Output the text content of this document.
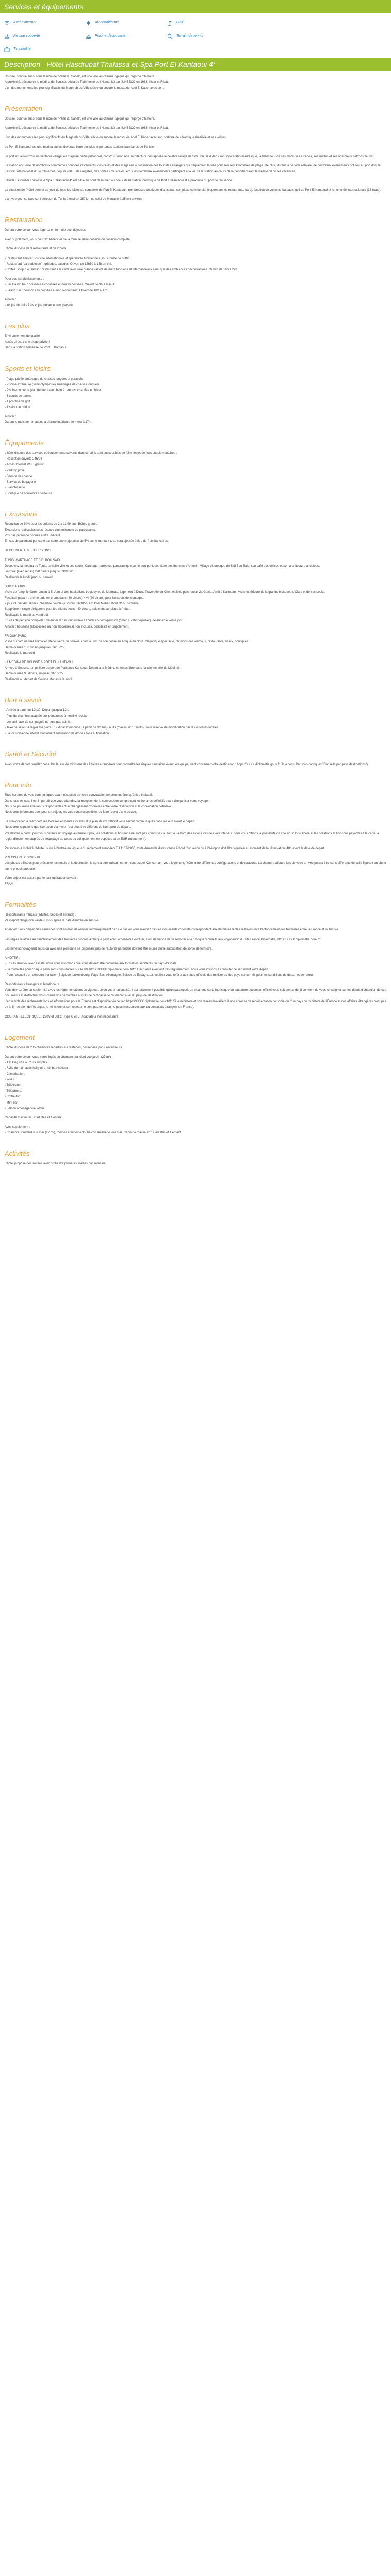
Services et équipements
Accès internet	Air conditionné	Golf
Piscine couverte	Piscine découverte	Terrain de tennis
Tv satellite
Description - Hôtel Hasdrubal Thalassa et Spa Port El Kantaoui 4*

Sousse, connue aussi sous le nom de "Perle du Sahel", est une ville au charme typique qui regorge d'histoire.
A proximité, découvrez la médina de Sousse, déclarée Patrimoine de l'Humanité par l'UNESCO en 1988, Kisar et Ribat.
L'un des monuments les plus significatifs du Maghreb du VIIIe siècle ou encore la mosquée Abel El Kader avec son...

Présentation

Sousse, connue aussi sous le nom de "Perle du Sahel", est une ville au charme typique qui regorge d'histoire.

A proximité, découvrez la médina de Sousse, déclarée Patrimoine de l'Humanité par l'UNESCO en 1988, Kisar et Ribat.

L'un des monuments les plus significatifs du Maghreb du VIIIe siècle ou encore la mosquée Abel El Kader avec son portique de céramique émaillée et ses voûtes.

Le Port El Kantaoui est une marina qui est devenue l'une des plus importantes stations balnéaires de Tunisie.

Le port est aujourd'hui un véritable village, en majeure partie piétonnier, construit selon une architecture qui rappelle le célèbre village de Sidi Bou Saïd dans son style arabo-mauresque, la blancheur de ses murs, ses arcades, ses ruelles et ses nombreux balcons fleuris.

La station accueille de nombreux commerces dont des restaurants, des cafés et des magasins à destination des touristes étrangers qui fréquentent la ville pour ses sept kilomètres de plage. De plus, durant la période estivale, de nombreux évènements ont lieu au port dont le Festival International d'Eté d'Internet (depuis 2003), des régates, des soirées musicales, etc. Ces nombreux évènements participent à la vie de la station au cours de la période durant le week-end ou les vacances.

L'Hôtel Hasdrubal Thalassa & Spa El Kantaoui 4* est situé en bord de la mer, au coeur de la station touristique de Port El Kantaoui et à proximité du port de plaisance.

La situation de l'hôtel permet de jouir de tous les loisirs du complexe de Port El Kantaoui : nombreuses boutiques d'artisanat, complexe commercial (supermarché, restaurants, bars), location de voitures, bateaux, golf de Port El Kantaoui et renommée internationale (36 trous).

L'arrivée peut se faire sur l'aéroport de Tunis à environ 150 km ou celui de Monastir à 25 km environ.

Restauration

Durant votre séjour, vous logerez en formule petit déjeuner.

Avec supplément, vous pourrez bénéficier de la formule demi-pension ou pension complète.

L'hôtel dispose de 3 restaurants et de 2 bars :

- Restaurant Amilcar : cuisine internationale et spécialités tunisiennes, sous forme de buffet.
- Restaurant "La barbecue" : grillades, salades. Ouvert de 12h30 à 15h en été.
- Coffee Shop "Le Barca" : restaurant à la carte avec une grande variété de mets tunisiens et internationaux ainsi que des ambiances décontractées. Ouvert de 19h à 22h.

Pour vos rafraîchissements :
- Bar Hasdrubal : boissons alcoolisées et non alcoolisées. Ouvert de 9h à minuit.
- Beach Bar : boissons alcoolisées et non alcoolisées. Ouvert de 10h à 17h.

A noter :
- les jus de fruits frais et jus d'orange sont payants.

Les plus

Environnement de qualité
Accès direct à une plage privée !
Dans la station balnéaire de Port El Kantaoui

Sports et loisirs

- Plage privée aménagée de chaises longues et parasols.
- Piscine extérieure (semi-olympique) aménagée de chaises longues.
- Piscine couverte (eau de mer) avec bain à remous, chauffée en hiver.
- 3 courts de tennis.
- 1 practice de golf.
- 1 salon de bridge.

A noter :
Durant le mois de ramadan, la piscine intérieure fermera à 17h.

Équipements

L'hôtel dispose des services et équipements suivants dont certains sont susceptibles de faire l'objet de frais supplémentaires :
- Réception ouverte 24h/24
- Accès Internet Wi-Fi gratuit
- Parking privé
- Service de change
- Service de bagagerie
- Blanchisserie
- Boutique de souvenirs / coiffeuse

Excursions

Réduction de 30% pour les enfants de 2 à 11,99 ans. Bébés gratuit.
Excursions réalisables sous réserve d'un minimum de participants.
Prix par personne donnés à titre indicatif.
En cas de paiement par carte bancaire une majoration de 5% sur le montant total sera ajoutée à titre de frais bancaires.

DECOUVERTE & ESCURSIONS

TUNIS, CARTHAGE ET SIDI BOU SAID
Découvrez la médina de Tunis, la vieille ville et ses souks. Carthage : arrêt vue panoramique sur le port punique, visite des thermes d'Antonin. Village pittoresque de Sidi Bou Saïd, son café des délices et son architecture andalouse.
Journée (avec repas) 270 dinars jusqu'au 31/10/25.
Réalisable le lundi, jeudi ou samedi.

SUD 2 JOURS
Visite de l'amphithéâtre romain à El Jem et des habitations troglodytes de Matmata, logement à Douz. Traversée du Chott el Jerid puis retour via Gafsa. Arrêt à Kairouan : visite extérieure de la grande mosquée d'Okba et de ses souks.
Facultatif payant : promenade en dromadaire (40 dinars), 4x4 (80 dinars) pour les souts de montagne.
2 jours/1 nuit 490 dinars (chambre double) jusqu'au 31/10/25 à l'Hôtel Mehari Douz 3* ou similaire.
Supplément single obligatoire pour les clients seuls : 40 dinars, paiement sur place à l'hôtel.
Réalisable le mardi ou vendredi.
En cas de pension complète : déjeuner le 1er jour, nuitée à l'hôtel en demi-pension (dîner + Petit-déjeuner), déjeuner le 2ème jour.
A noter : boissons (alcoolisées ou non alcoolisées) non incluses, possibilité en supplément.

FRIGUIA PARC
Visite du parc naturel animalier. Découverte du nouveau parc à 5km de son genre en Afrique du Nord. Magnifique spectacle, réunions des animaux, restaurants, snack, boutiques...
Demi-journée 130 dinars jusqu'au 31/10/25.
Réalisable le mercredi.

LA MEDINA DE SOUSSE & PORT EL KANTAOUI
Arrivée à Sousse, temps libre au port de Plaisance Kantaoui. Départ à la Médina et temps libre dans l'ancienne ville (la Médina).
Demi-journée 95 dinars, jusqu'au 31/10/25.
Réalisable au départ de Sousse Monastir le lundi.

Bon à savoir

- Arrivée à partir de 12h30. Départ jusqu'à 12h.
- Plus de chambre adaptée aux personnes à mobilité réduite.
- Les animaux de compagnie ne sont pas admis.
- Taxe de séjour à régler sur place : 12 dinars/personne (à partir de 12 ans)/ nuits (maximum 10 nuits), sous réserve de modification par les autorités locales.
- La loi tunisienne interdit strictement l'utilisation de drones sans autorisation.

Santé et Sécurité

Avant votre départ, veuillez consulter le site du ministère des Affaires étrangères pour connaître les risques sanitaires éventuels qui peuvent concerner votre destination : https://XXXX.diplomatie.gouv.fr (ils à consulter sous-rubriques "Conseils par pays destinations")

Pour info

Tous horaires de vols communiqués avant réception de votre convocation ne peuvent être qu'à titre indicatif.
Dans tous les cas, il est impératif que vous attendiez la réception de la convocation comprenant les horaires définitifs avant d'organiser votre voyage.
Nous ne pourrons être tenus responsables d'un changement d'horaires entre votre réservation et la convocation définitive.
Nous vous informons que, pour un séjour, les vols sont susceptibles de faire l'objet d'une escale.

La convocation à l'aéroport, les horaires en heures locales et le plan de vol définitif vous seront communiqués dans les 48h avant le départ.
Nous vous signalons que l'aéroport d'arrivée n'est peut être différent de l'aéroport de départ.
Prestations à bord : pour vous garantir un voyage au meilleur prix, les collations et boissons ne sont pas comprises au tarif ou à bord des avions lors des vols intérieur. nous vous offrons la possibilité de choisir un loisir libéré et les collations et boissons payantes à la carte, à régler directement auprès de l'équipage au cours du vol (paiement en espèces et en EUR uniquement).

Personnes à mobilité réduite : suite à l'entrée en vigueur du règlement européen EU 1107/2006, toute demande d'assistance à bord d'un avion ou à l'aéroport doit être signalée au moment de la réservation, 48h avant la date de départ.

PRÉCISION DESCRIPTIF
Les photos utilisées pour présenter les hôtels et la destination le sont à titre indicatif et non-contractuel. Concernant votre logement, l'hôtel offre différentes configurations et décorations. La chambre allouée lors de votre arrivée pourra être sans différente de celle figurant en photo sur le produit proposé.

Votre séjour est assuré par le tour-opérateur suivant :
FRAM

Formalités

Ressortissants français (adultes, bébés et enfants) :
Passeport obligatoire valide 6 mois après la date d'entrée en Tunisie.

Attention : les compagnies aériennes sont en droit de refuser l'embarquement dans le cas où vous n'auriez pas les documents d'identité correspondant aux dernières règles relatives ou à l'enfoncement des frontières entre la France et la Tunisie.

Les règles relatives au franchissement des frontières propres à chaque pays étant amenées à évoluer, il est demandé de se reporter à la rubrique "conseils aux voyageurs" du site France Diplomatie, https://XXXX.diplomatie.gouv.fr/.

Les mineurs voyageant seuls ou avec une personne ne disposant pas de l'autorité parentale doivent être munis d'une autorisation de sortie de territoire.

A NOTER :
- En cas d'un vol avec escale, nous vous informons que vous devrez être conforme aux formalités sanitaires du pays d'escale.
- La modalités pour chaque pays sont consultables sur le site https://XXXX.diplomatie.gouv.fr/fr/. L'actualité évoluant très régulièrement, nous vous invitons à consulter ce lien avant votre départ.
- Pour l'accueil d'un aéroport frontalier (Belgique, Luxembourg, Pays-Bas, Allemagne, Suisse ou Espagne...), veuillez vous référer aux sites officiels des ministères des pays concernés pour les conditions de départ et de retour.

Ressortissants étrangers et binationaux :
Vous devrez être en conformité avec les réglementations en vigueur, selon votre nationalité. Il est totalement possible qu'un passeport, un visa, une carte touristique ou tout autre document officiel vous soit demandé. Il convient de vous renseigner sur les délais d'obtention de ces documents et d'effectuer vous-même vos démarches auprès de l'ambassade ou du consulat du pays de destination.
L'ensemble des règlementations et informations pour la France est disponible via ce lien https://XXXX.diplomatie.gouv.fr/fr. Si le ministère et son réseau travaillent à une adresse de représentation de sortie ou d'un pays du ministère de l'Europe et des affaires étrangères n'est pas de la fin de bien de l'étranger, le ministère et son réseau ne sont pas tenus sur le pays (ressources aux du consulats étrangers en France).

COURANT ÉLECTRIQUE : 220V et 50Hz. Type C et E. Adaptateur non nécessaire.

Logement

L'hôtel dispose de 235 chambres réparties sur 3 étages, desservies par 2 ascenseurs.

Durant votre séjour, vous serez logés en chambre standard vue jardin (27 m²) :
- 1 lit king size ou 2 lits simples.
- Salle de bain avec baignoire, sèche-cheveux.
- Climatisation.
- Wi-Fi.
- Télévision.
- Téléphone.
- Coffre-fort.
- Mini bar.
- Balcon aménagé vue jardin.

Capacité maximum : 2 adultes et 1 enfant.

Avec supplément :
- Chambre standard vue mer (27 m²), mêmes équipements, balcon aménagé vue mer. Capacité maximum : 2 adultes et 1 enfant.

Activités

L'hôtel propose des soirées avec orchestre plusieurs soirées par semaine.
